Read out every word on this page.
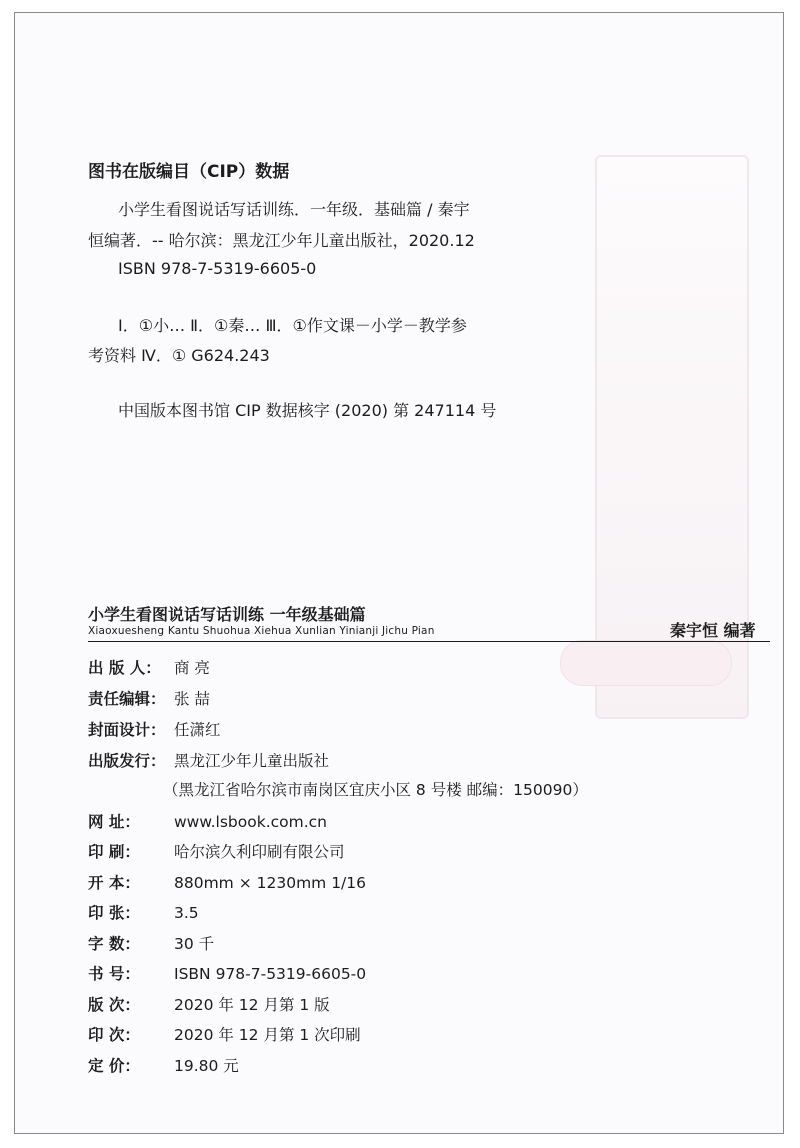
图书在版编目（CIP）数据
小学生看图说话写话训练．一年级．基础篇 / 秦宇
恒编著．-- 哈尔滨：黑龙江少年儿童出版社，2020.12
ISBN 978-7-5319-6605-0
Ⅰ．①小… Ⅱ．①秦… Ⅲ．①作文课－小学－教学参
考资料 Ⅳ．① G624.243
中国版本图书馆 CIP 数据核字 (2020) 第 247114 号
小学生看图说话写话训练 一年级基础篇
Xiaoxuesheng Kantu Shuohua Xiehua Xunlian Yinianji Jichu Pian	秦宇恒 编著
出 版 人： 商 亮
责任编辑： 张 喆
封面设计： 任潇红
出版发行： 黑龙江少年儿童出版社
（黑龙江省哈尔滨市南岗区宜庆小区 8 号楼 邮编：150090）
网 址： www.lsbook.com.cn
印 刷： 哈尔滨久利印刷有限公司
开 本： 880mm × 1230mm 1/16
印 张： 3.5
字 数： 30 千
书 号： ISBN 978-7-5319-6605-0
版 次： 2020 年 12 月第 1 版
印 次： 2020 年 12 月第 1 次印刷
定 价： 19.80 元
